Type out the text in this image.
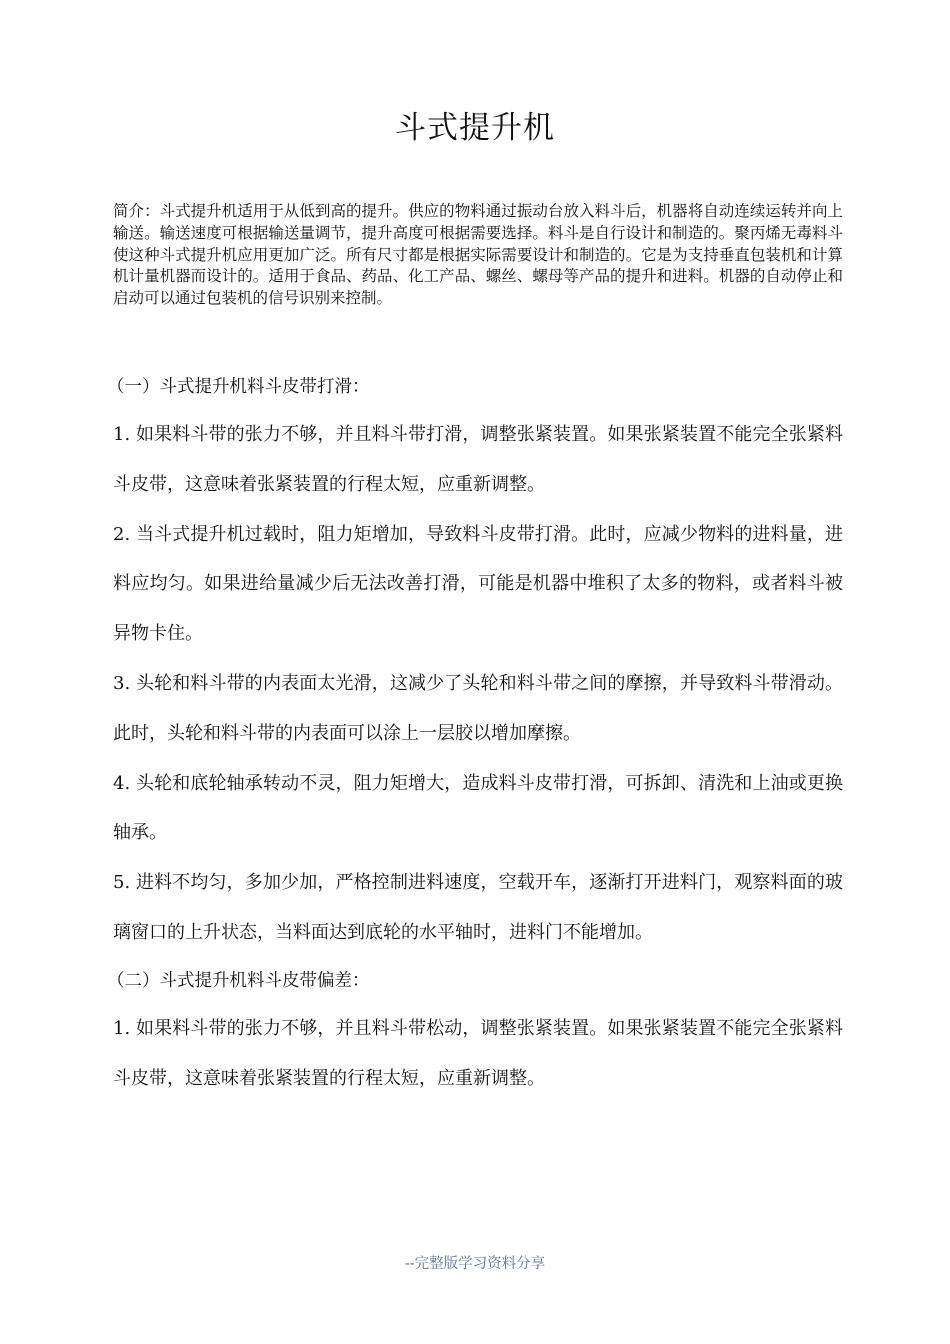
斗式提升机

简介：斗式提升机适用于从低到高的提升。供应的物料通过振动台放入料斗后，机器将自动连续运转并向上输送。输送速度可根据输送量调节，提升高度可根据需要选择。料斗是自行设计和制造的。聚丙烯无毒料斗使这种斗式提升机应用更加广泛。所有尺寸都是根据实际需要设计和制造的。它是为支持垂直包装机和计算机计量机器而设计的。适用于食品、药品、化工产品、螺丝、螺母等产品的提升和进料。机器的自动停止和启动可以通过包装机的信号识别来控制。

（一）斗式提升机料斗皮带打滑：

1. 如果料斗带的张力不够，并且料斗带打滑，调整张紧装置。如果张紧装置不能完全张紧料斗皮带，这意味着张紧装置的行程太短，应重新调整。

2. 当斗式提升机过载时，阻力矩增加，导致料斗皮带打滑。此时，应减少物料的进料量，进料应均匀。如果进给量减少后无法改善打滑，可能是机器中堆积了太多的物料，或者料斗被异物卡住。

3. 头轮和料斗带的内表面太光滑，这减少了头轮和料斗带之间的摩擦，并导致料斗带滑动。此时，头轮和料斗带的内表面可以涂上一层胶以增加摩擦。

4. 头轮和底轮轴承转动不灵，阻力矩增大，造成料斗皮带打滑，可拆卸、清洗和上油或更换轴承。

5. 进料不均匀，多加少加，严格控制进料速度，空载开车，逐渐打开进料门，观察料面的玻璃窗口的上升状态，当料面达到底轮的水平轴时，进料门不能增加。

（二）斗式提升机料斗皮带偏差：

1. 如果料斗带的张力不够，并且料斗带松动，调整张紧装置。如果张紧装置不能完全张紧料斗皮带，这意味着张紧装置的行程太短，应重新调整。

--完整版学习资料分享
